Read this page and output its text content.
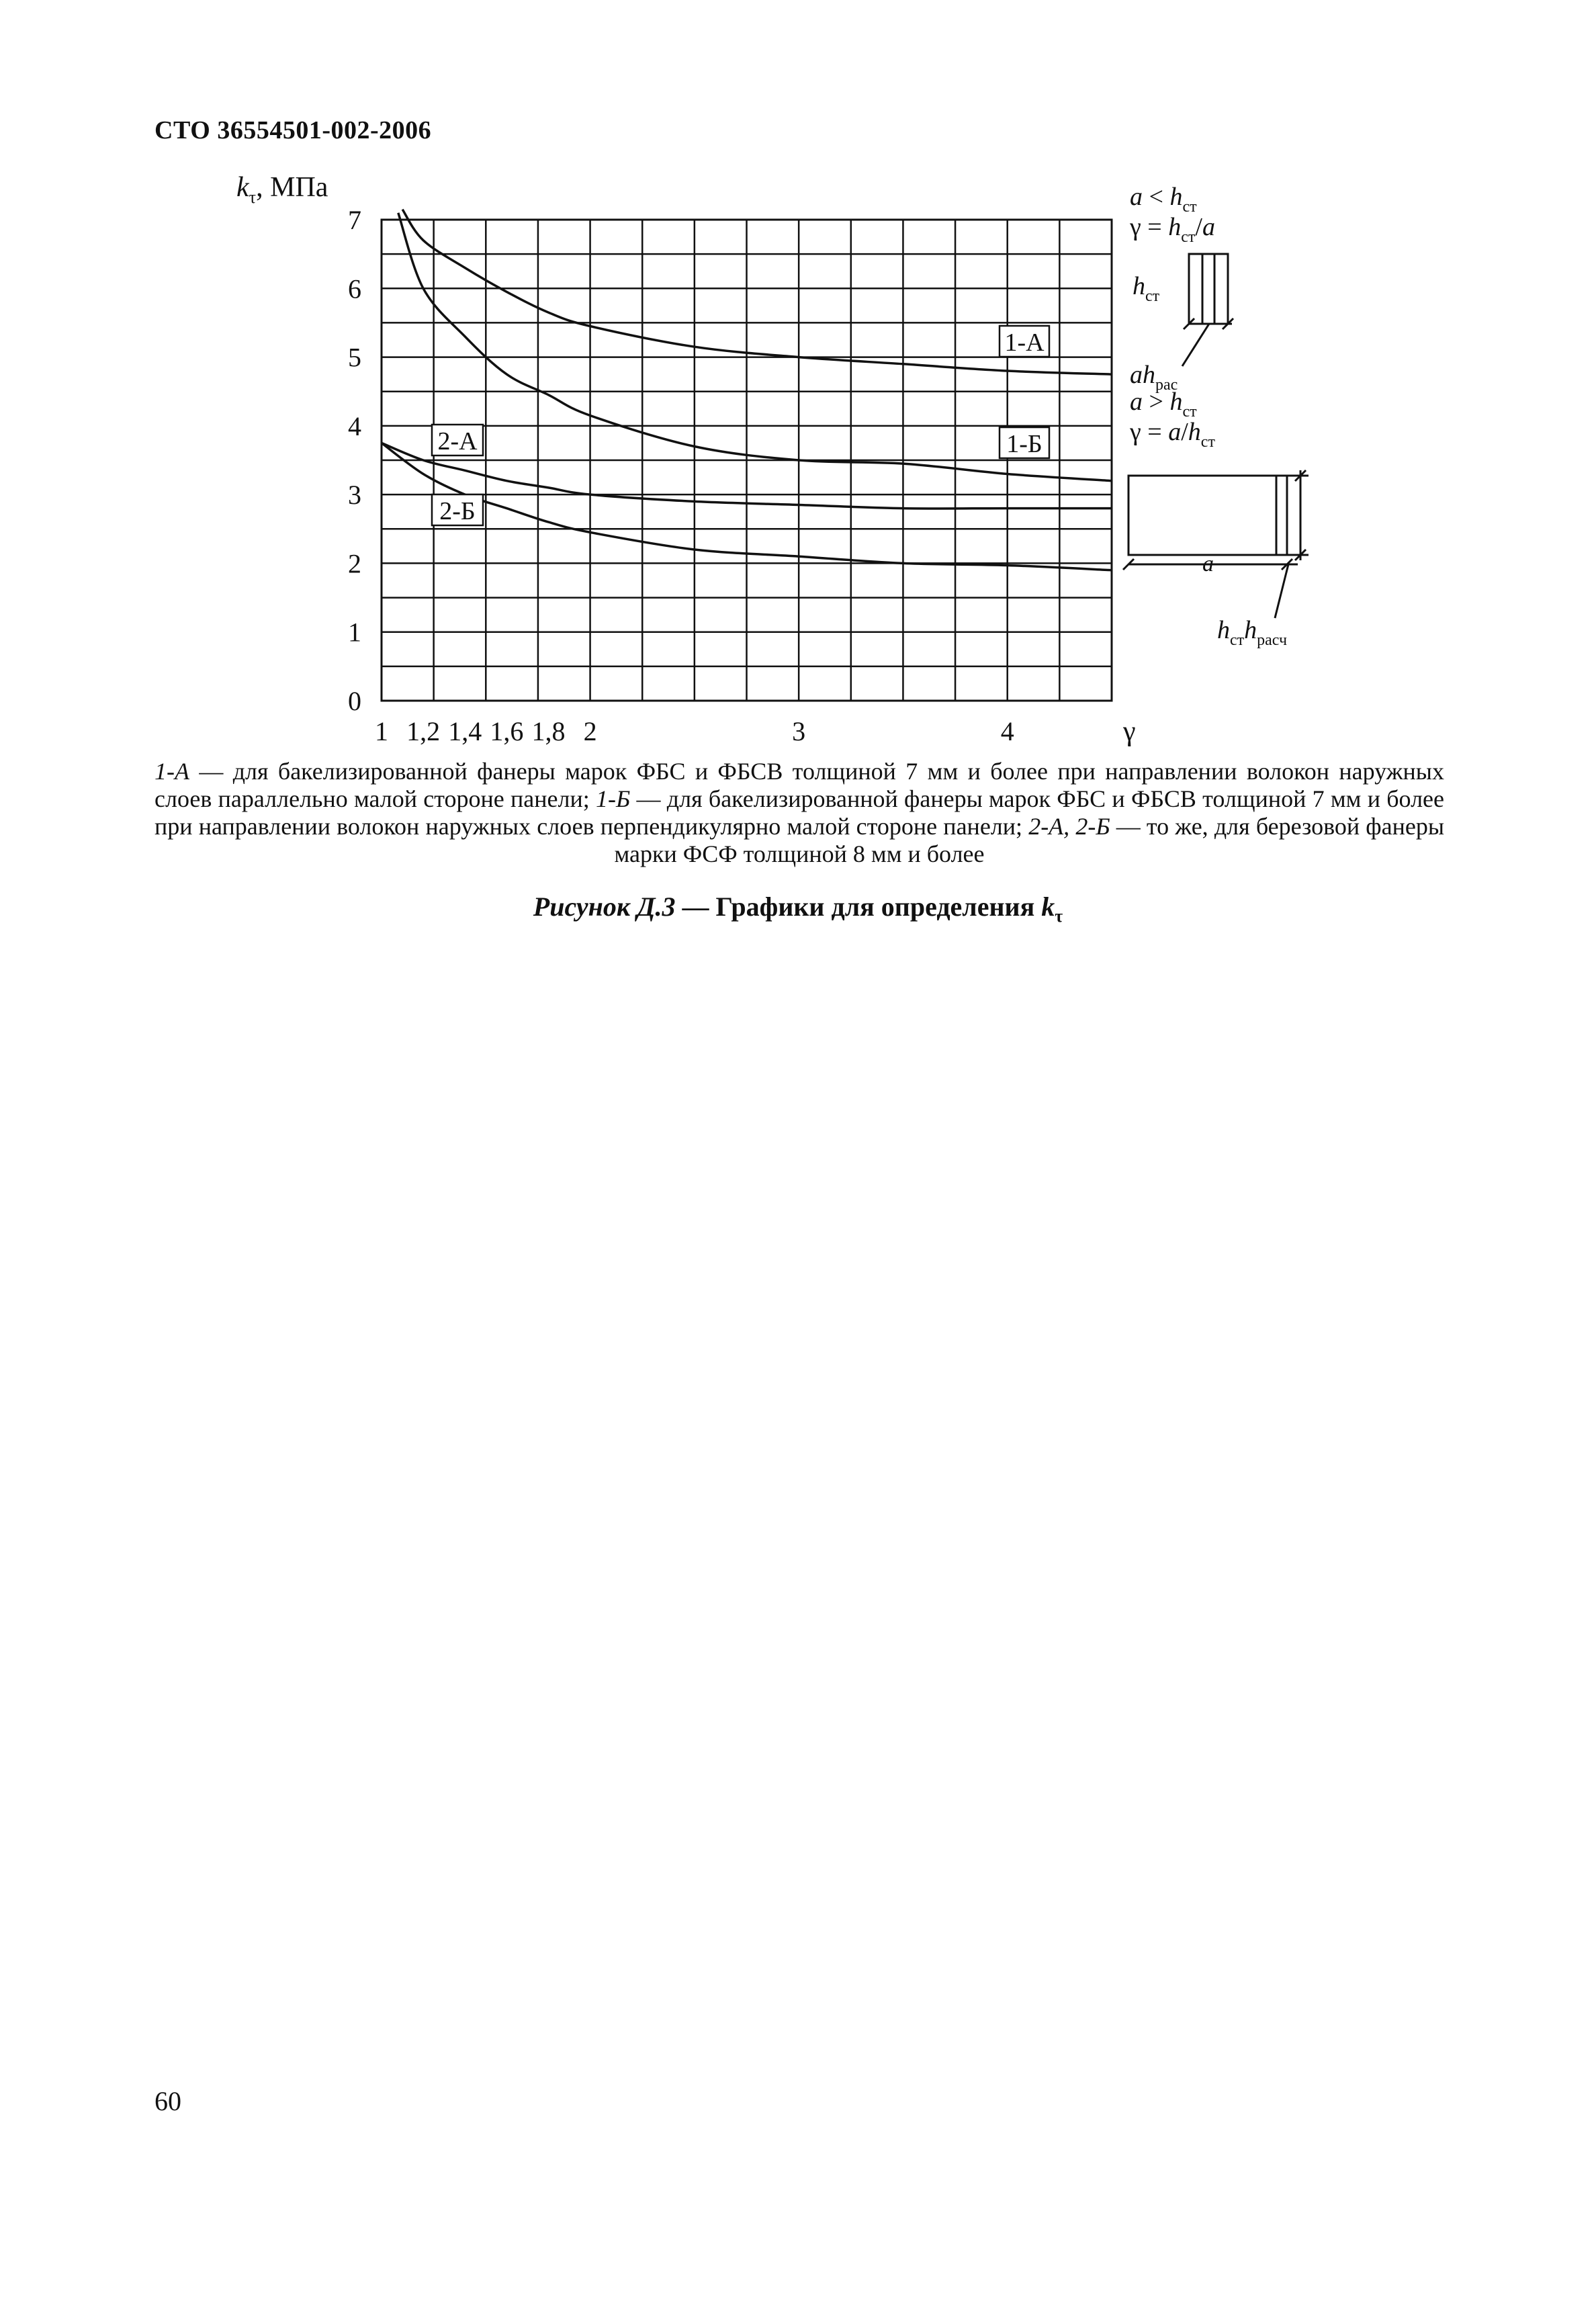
СТО 36554501-002-2006
1 1,2 1,4 1,6 1,8 2	3	4
0
1
2
3
4
5
6
7
1-А
1-Б
2-А
2-Б
$k_\tau$, МПа
γ
$a < h_{ст}$
$\gamma = h_{ст}/a$
$h_{ст}$
$ah_{рас}$
$a > h_{ст}$
$\gamma = a/h_{ст}$
a
$h_{ст}h_{расч}$
1-А — для бакелизированной фанеры марок ФБС и ФБСВ толщиной 7 мм и более при направлении волокон наружных слоев параллельно малой стороне панели; 1-Б — для бакелизированной фанеры марок ФБС и ФБСВ толщиной 7 мм и более при направлении волокон наружных слоев перпендикулярно малой стороне панели; 2-А, 2-Б — то же, для березовой фанеры марки ФСФ толщиной 8 мм и более
Рисунок Д.3 — Графики для определения $k_\tau$
60
